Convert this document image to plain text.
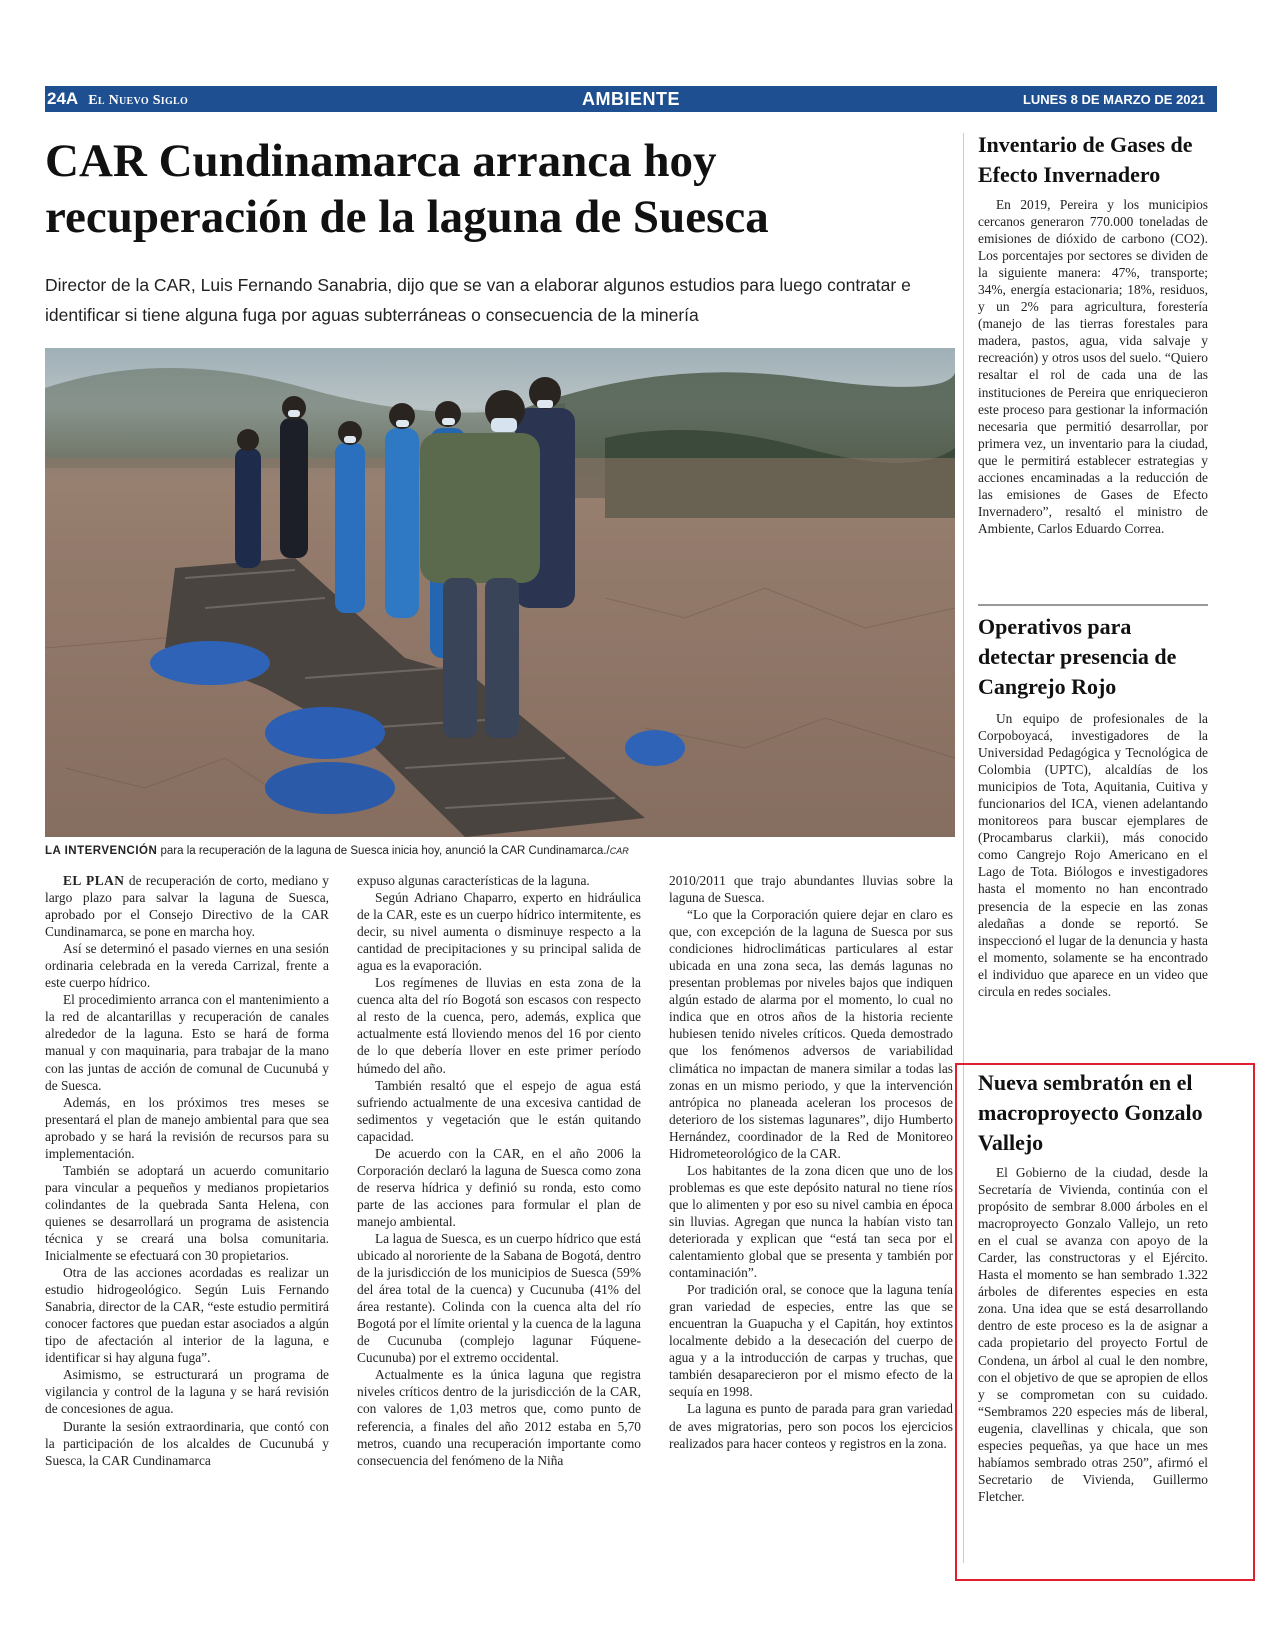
24A El Nuevo Siglo	AMBIENTE	LUNES 8 DE MARZO DE 2021
CAR Cundinamarca arranca hoy recuperación de la laguna de Suesca

Director de la CAR, Luis Fernando Sanabria, dijo que se van a elaborar algunos estudios para luego contratar e identificar si tiene alguna fuga por aguas subterráneas o consecuencia de la minería

LA INTERVENCIÓN para la recuperación de la laguna de Suesca inicia hoy, anunció la CAR Cundinamarca./CAR

EL PLAN de recuperación de corto, mediano y largo plazo para salvar la laguna de Suesca, aprobado por el Consejo Directivo de la CAR Cundinamarca, se pone en marcha hoy.

Así se determinó el pasado viernes en una sesión ordinaria celebrada en la vereda Carrizal, frente a este cuerpo hídrico.

El procedimiento arranca con el mantenimiento a la red de alcantarillas y recuperación de canales alrededor de la laguna. Esto se hará de forma manual y con maquinaria, para trabajar de la mano con las juntas de acción de comunal de Cucunubá y de Suesca.

Además, en los próximos tres meses se presentará el plan de manejo ambiental para que sea aprobado y se hará la revisión de recursos para su implementación.

También se adoptará un acuerdo comunitario para vincular a pequeños y medianos propietarios colindantes de la quebrada Santa Helena, con quienes se desarrollará un programa de asistencia técnica y se creará una bolsa comunitaria. Inicialmente se efectuará con 30 propietarios.

Otra de las acciones acordadas es realizar un estudio hidrogeológico. Según Luis Fernando Sanabria, director de la CAR, “este estudio permitirá conocer factores que puedan estar asociados a algún tipo de afectación al interior de la laguna, e identificar si hay alguna fuga”.

Asimismo, se estructurará un programa de vigilancia y control de la laguna y se hará revisión de concesiones de agua.

Durante la sesión extraordinaria, que contó con la participación de los alcaldes de Cucunubá y Suesca, la CAR Cundinamarca

expuso algunas características de la laguna.

Según Adriano Chaparro, experto en hidráulica de la CAR, este es un cuerpo hídrico intermitente, es decir, su nivel aumenta o disminuye respecto a la cantidad de precipitaciones y su principal salida de agua es la evaporación.

Los regímenes de lluvias en esta zona de la cuenca alta del río Bogotá son escasos con respecto al resto de la cuenca, pero, además, explica que actualmente está lloviendo menos del 16 por ciento de lo que debería llover en este primer período húmedo del año.

También resaltó que el espejo de agua está sufriendo actualmente de una excesiva cantidad de sedimentos y vegetación que le están quitando capacidad.

De acuerdo con la CAR, en el año 2006 la Corporación declaró la laguna de Suesca como zona de reserva hídrica y definió su ronda, esto como parte de las acciones para formular el plan de manejo ambiental.

La lagua de Suesca, es un cuerpo hídrico que está ubicado al nororiente de la Sabana de Bogotá, dentro de la jurisdicción de los municipios de Suesca (59% del área total de la cuenca) y Cucunuba (41% del área restante). Colinda con la cuenca alta del río Bogotá por el límite oriental y la cuenca de la laguna de Cucunuba (complejo lagunar Fúquene-Cucunuba) por el extremo occidental.

Actualmente es la única laguna que registra niveles críticos dentro de la jurisdicción de la CAR, con valores de 1,03 metros que, como punto de referencia, a finales del año 2012 estaba en 5,70 metros, cuando una recuperación importante como consecuencia del fenómeno de la Niña

2010/2011 que trajo abundantes lluvias sobre la laguna de Suesca.

“Lo que la Corporación quiere dejar en claro es que, con excepción de la laguna de Suesca por sus condiciones hidroclimáticas particulares al estar ubicada en una zona seca, las demás lagunas no presentan problemas por niveles bajos que indiquen algún estado de alarma por el momento, lo cual no indica que en otros años de la historia reciente hubiesen tenido niveles críticos. Queda demostrado que los fenómenos adversos de variabilidad climática no impactan de manera similar a todas las zonas en un mismo periodo, y que la intervención antrópica no planeada aceleran los procesos de deterioro de los sistemas lagunares”, dijo Humberto Hernández, coordinador de la Red de Monitoreo Hidrometeorológico de la CAR.

Los habitantes de la zona dicen que uno de los problemas es que este depósito natural no tiene ríos que lo alimenten y por eso su nivel cambia en época sin lluvias. Agregan que nunca la habían visto tan deteriorada y explican que “está tan seca por el calentamiento global que se presenta y también por contaminación”.

Por tradición oral, se conoce que la laguna tenía gran variedad de especies, entre las que se encuentran la Guapucha y el Capitán, hoy extintos localmente debido a la desecación del cuerpo de agua y a la introducción de carpas y truchas, que también desaparecieron por el mismo efecto de la sequía en 1998.

La laguna es punto de parada para gran variedad de aves migratorias, pero son pocos los ejercicios realizados para hacer conteos y registros en la zona.

Inventario de Gases de Efecto Invernadero

En 2019, Pereira y los municipios cercanos generaron 770.000 toneladas de emisiones de dióxido de carbono (CO2). Los porcentajes por sectores se dividen de la siguiente manera: 47%, transporte; 34%, energía estacionaria; 18%, residuos, y un 2% para agricultura, forestería (manejo de las tierras forestales para madera, pastos, agua, vida salvaje y recreación) y otros usos del suelo. “Quiero resaltar el rol de cada una de las instituciones de Pereira que enriquecieron este proceso para gestionar la información necesaria que permitió desarrollar, por primera vez, un inventario para la ciudad, que le permitirá establecer estrategias y acciones encaminadas a la reducción de las emisiones de Gases de Efecto Invernadero”, resaltó el ministro de Ambiente, Carlos Eduardo Correa.

Operativos para detectar presencia de Cangrejo Rojo

Un equipo de profesionales de la Corpoboyacá, investigadores de la Universidad Pedagógica y Tecnológica de Colombia (UPTC), alcaldías de los municipios de Tota, Aquitania, Cuitiva y funcionarios del ICA, vienen adelantando monitoreos para buscar ejemplares de (Procambarus clarkii), más conocido como Cangrejo Rojo Americano en el Lago de Tota. Biólogos e investigadores hasta el momento no han encontrado presencia de la especie en las zonas aledañas a donde se reportó. Se inspeccionó el lugar de la denuncia y hasta el momento, solamente se ha encontrado el individuo que aparece en un video que circula en redes sociales.

Nueva sembratón en el macroproyecto Gonzalo Vallejo

El Gobierno de la ciudad, desde la Secretaría de Vivienda, continúa con el propósito de sembrar 8.000 árboles en el macroproyecto Gonzalo Vallejo, un reto en el cual se avanza con apoyo de la Carder, las constructoras y el Ejército. Hasta el momento se han sembrado 1.322 árboles de diferentes especies en esta zona. Una idea que se está desarrollando dentro de este proceso es la de asignar a cada propietario del proyecto Fortul de Condena, un árbol al cual le den nombre, con el objetivo de que se apropien de ellos y se comprometan con su cuidado. “Sembramos 220 especies más de liberal, eugenia, clavellinas y chicala, que son especies pequeñas, ya que hace un mes habíamos sembrado otras 250”, afirmó el Secretario de Vivienda, Guillermo Fletcher.
